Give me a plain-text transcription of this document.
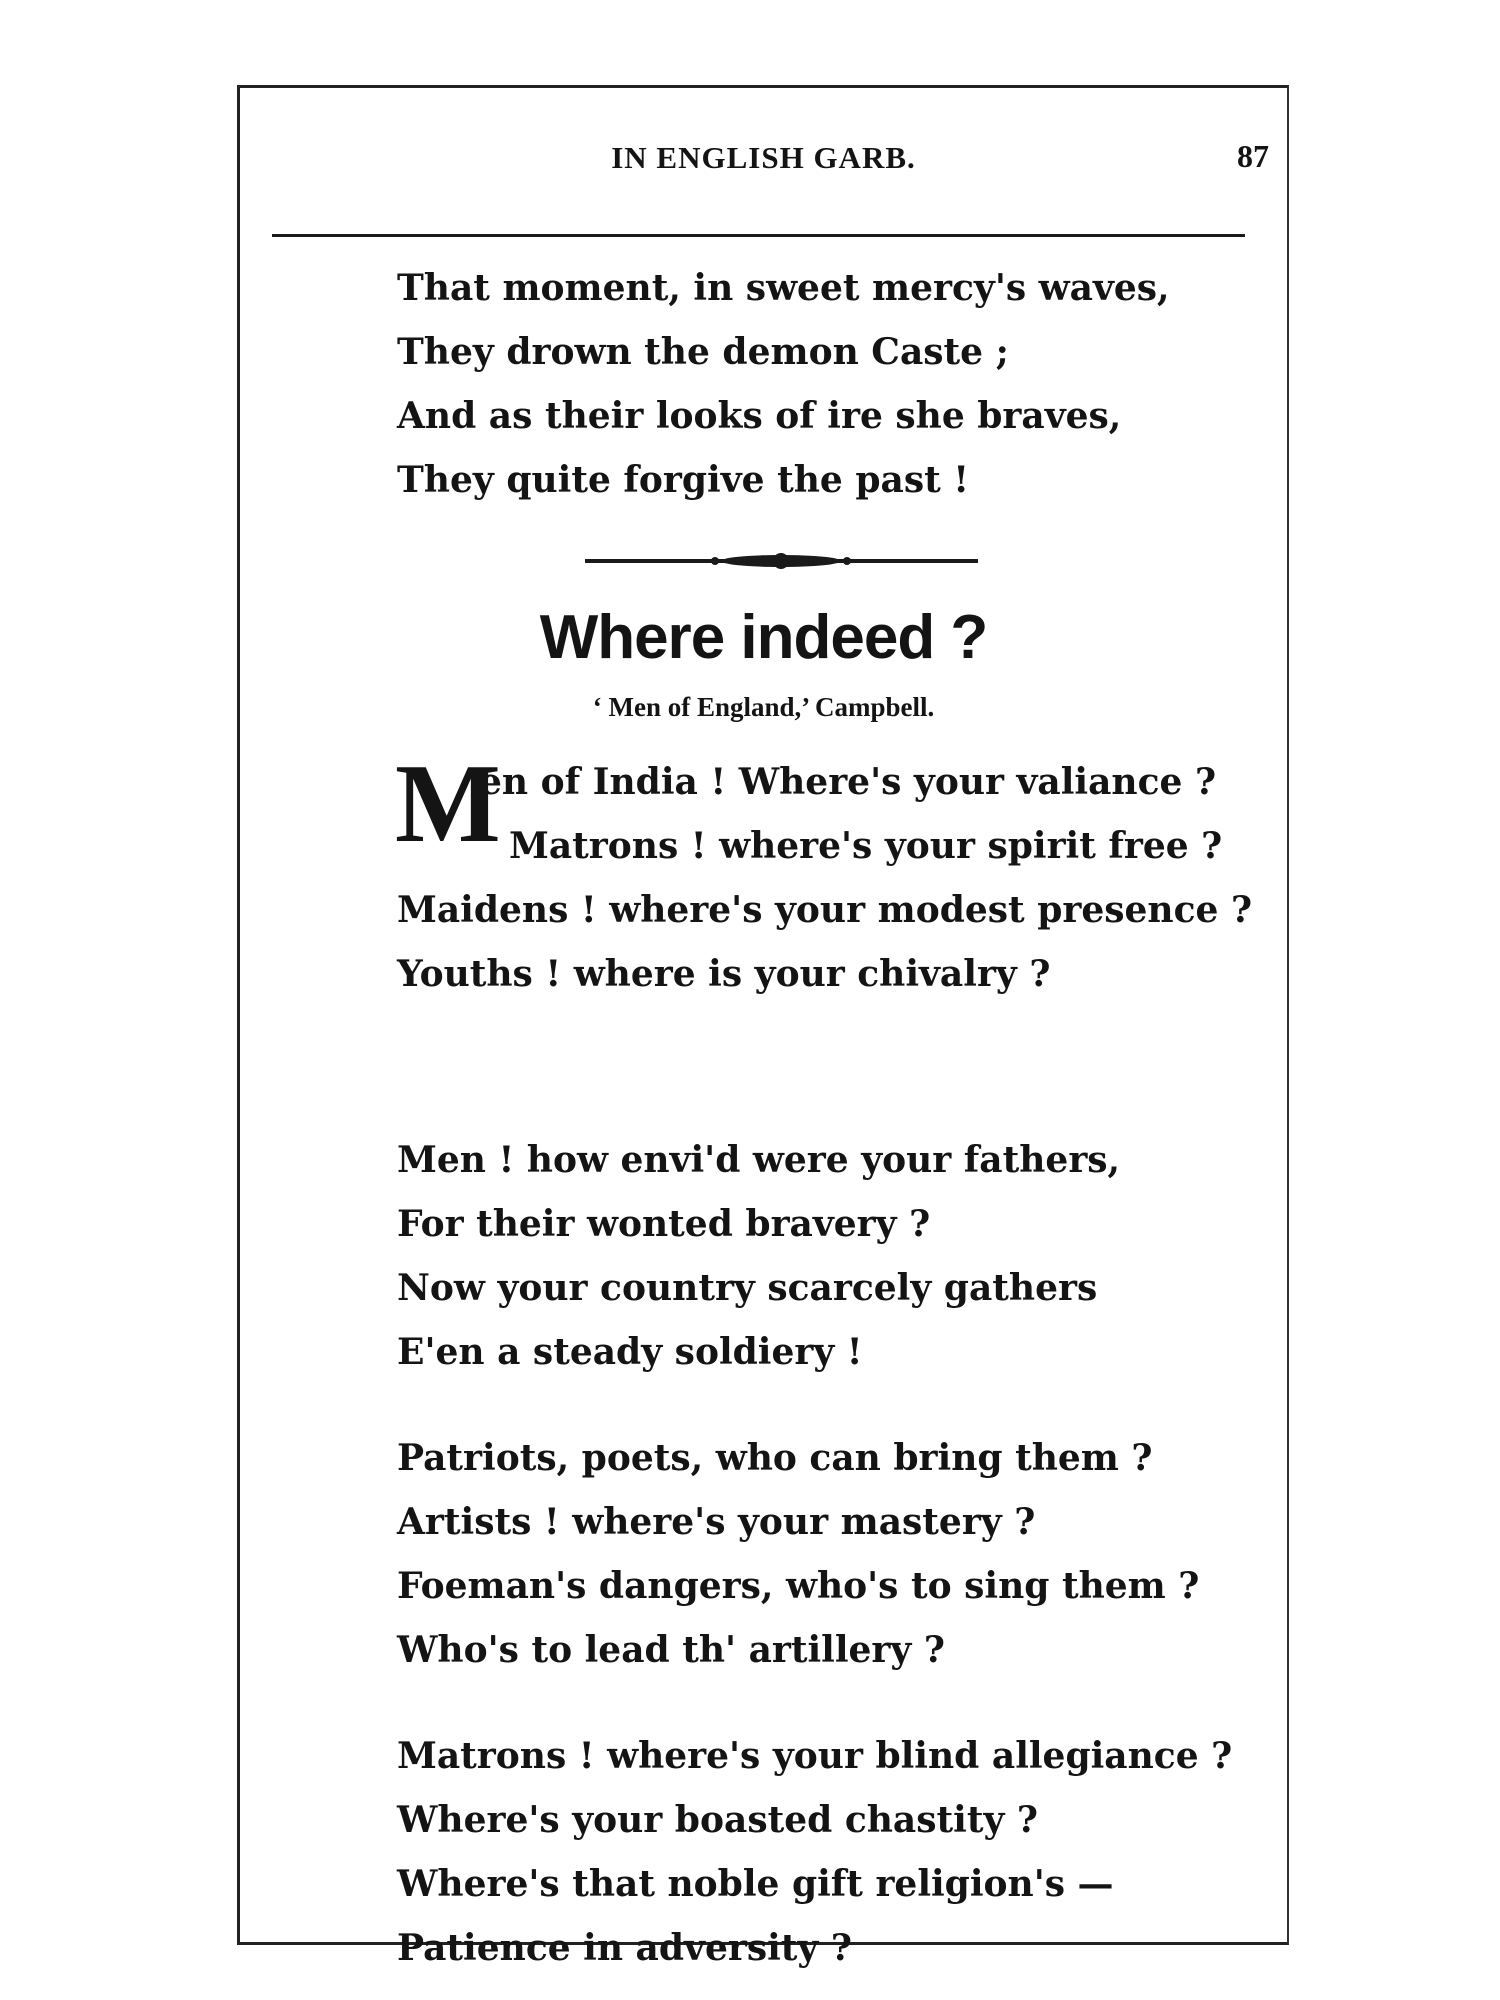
IN ENGLISH GARB.	87
That moment, in sweet mercy's waves,
They drown the demon Caste ;
And as their looks of ire she braves,
They quite forgive the past !
Where indeed ?
‘ Men of England,’ Campbell.
M
en of India ! Where's your valiance ?
Matrons ! where's your spirit free ?
Maidens ! where's your modest presence ?
Youths ! where is your chivalry ?
Men ! how envi'd were your fathers,
For their wonted bravery ?
Now your country scarcely gathers
E'en a steady soldiery !
Patriots, poets, who can bring them ?
Artists ! where's your mastery ?
Foeman's dangers, who's to sing them ?
Who's to lead th' artillery ?
Matrons ! where's your blind allegiance ?
Where's your boasted chastity ?
Where's that noble gift religion's —
Patience in adversity ?
